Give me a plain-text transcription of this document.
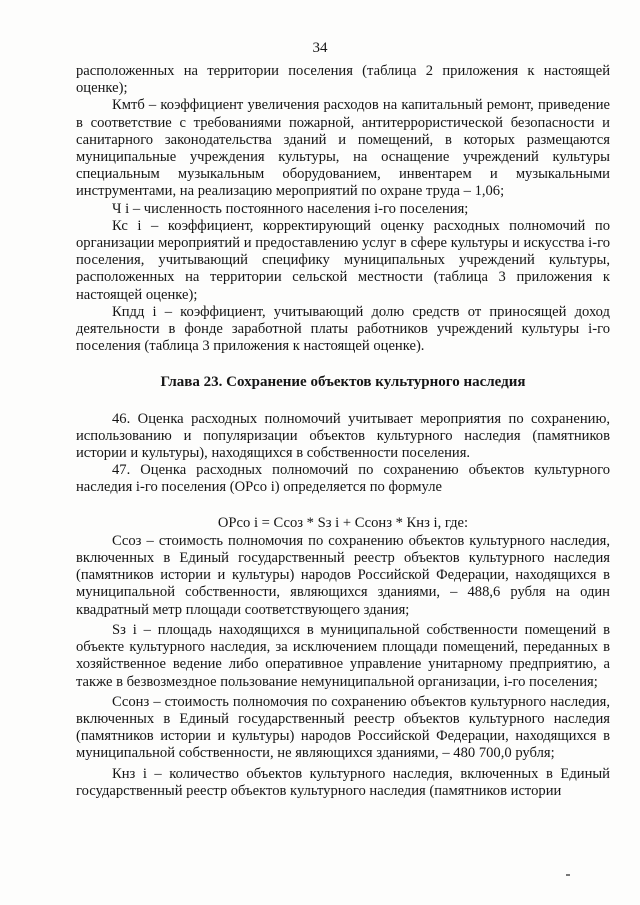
34

расположенных на территории поселения (таблица 2 приложения к настоящей оценке);

Кмтб – коэффициент увеличения расходов на капитальный ремонт, приведение в соответствие с требованиями пожарной, антитеррористической безопасности и санитарного законодательства зданий и помещений, в которых размещаются муниципальные учреждения культуры, на оснащение учреждений культуры специальным музыкальным оборудованием, инвентарем и музыкальными инструментами, на реализацию мероприятий по охране труда – 1,06;

Ч i – численность постоянного населения i-го поселения;

Кс i – коэффициент, корректирующий оценку расходных полномочий по организации мероприятий и предоставлению услуг в сфере культуры и искусства i-го поселения, учитывающий специфику муниципальных учреждений культуры, расположенных на территории сельской местности (таблица 3 приложения к настоящей оценке);

Кпдд i – коэффициент, учитывающий долю средств от приносящей доход деятельности в фонде заработной платы работников учреждений культуры i-го поселения (таблица 3 приложения к настоящей оценке).

Глава 23. Сохранение объектов культурного наследия

46. Оценка расходных полномочий учитывает мероприятия по сохранению, использованию и популяризации объектов культурного наследия (памятников истории и культуры), находящихся в собственности поселения.

47. Оценка расходных полномочий по сохранению объектов культурного наследия i-го поселения (ОРсо i) определяется по формуле

ОРсо i = Ссоз * Sз i + Ссонз * Кнз i, где:

Ссоз – стоимость полномочия по сохранению объектов культурного наследия, включенных в Единый государственный реестр объектов культурного наследия (памятников истории и культуры) народов Российской Федерации, находящихся в муниципальной собственности, являющихся зданиями, – 488,6 рубля на один квадратный метр площади соответствующего здания;

Sз i – площадь находящихся в муниципальной собственности помещений в объекте культурного наследия, за исключением площади помещений, переданных в хозяйственное ведение либо оперативное управление унитарному предприятию, а также в безвозмездное пользование немуниципальной организации, i-го поселения;

Ссонз – стоимость полномочия по сохранению объектов культурного наследия, включенных в Единый государственный реестр объектов культурного наследия (памятников истории и культуры) народов Российской Федерации, находящихся в муниципальной собственности, не являющихся зданиями, – 480 700,0 рубля;

Кнз i – количество объектов культурного наследия, включенных в Единый государственный реестр объектов культурного наследия (памятников истории
